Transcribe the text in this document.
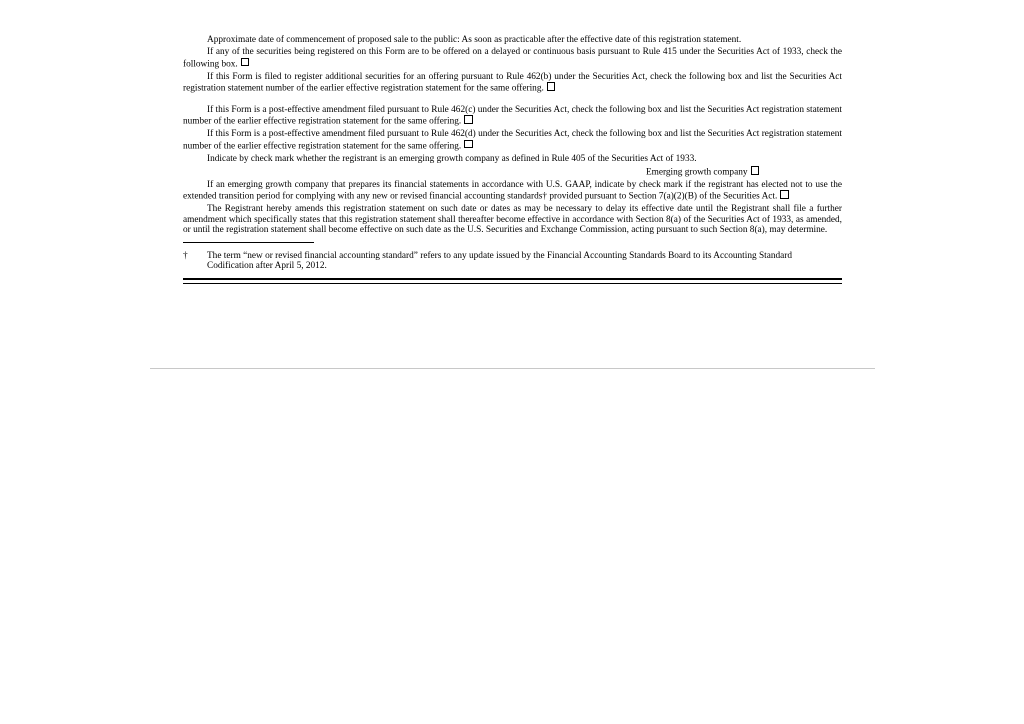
Approximate date of commencement of proposed sale to the public: As soon as practicable after the effective date of this registration statement.

If any of the securities being registered on this Form are to be offered on a delayed or continuous basis pursuant to Rule 415 under the Securities Act of 1933, check the following box.

If this Form is filed to register additional securities for an offering pursuant to Rule 462(b) under the Securities Act, check the following box and list the Securities Act registration statement number of the earlier effective registration statement for the same offering.

If this Form is a post-effective amendment filed pursuant to Rule 462(c) under the Securities Act, check the following box and list the Securities Act registration statement number of the earlier effective registration statement for the same offering.

If this Form is a post-effective amendment filed pursuant to Rule 462(d) under the Securities Act, check the following box and list the Securities Act registration statement number of the earlier effective registration statement for the same offering.

Indicate by check mark whether the registrant is an emerging growth company as defined in Rule 405 of the Securities Act of 1933.

Emerging growth company

If an emerging growth company that prepares its financial statements in accordance with U.S. GAAP, indicate by check mark if the registrant has elected not to use the extended transition period for complying with any new or revised financial accounting standards† provided pursuant to Section 7(a)(2)(B) of the Securities Act.

The Registrant hereby amends this registration statement on such date or dates as may be necessary to delay its effective date until the Registrant shall file a further amendment which specifically states that this registration statement shall thereafter become effective in accordance with Section 8(a) of the Securities Act of 1933, as amended, or until the registration statement shall become effective on such date as the U.S. Securities and Exchange Commission, acting pursuant to such Section 8(a), may determine.

†	The term “new or revised financial accounting standard” refers to any update issued by the Financial Accounting Standards Board to its Accounting Standard Codification after April 5, 2012.
